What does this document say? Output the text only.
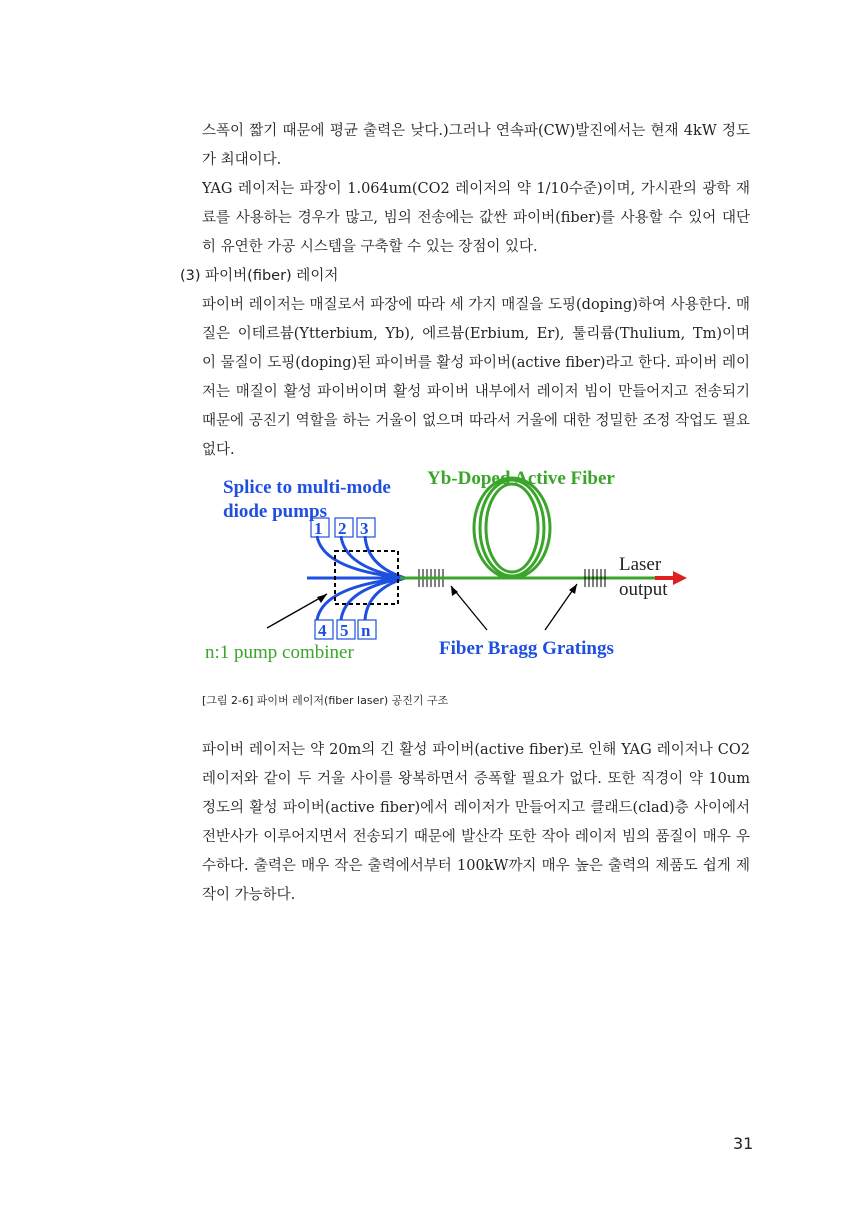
스폭이 짧기 때문에 평균 출력은 낮다.)그러나 연속파(CW)발진에서는 현재 4kW 정도가 최대이다.

YAG 레이저는 파장이 1.064um(CO2 레이저의 약 1/10수준)이며, 가시관의 광학 재료를 사용하는 경우가 많고, 빔의 전송에는 값싼 파이버(fiber)를 사용할 수 있어 대단히 유연한 가공 시스템을 구축할 수 있는 장점이 있다.

(3) 파이버(fiber) 레이저

파이버 레이저는 매질로서 파장에 따라 세 가지 매질을 도핑(doping)하여 사용한다. 매질은 이테르븀(Ytterbium, Yb), 에르븀(Erbium, Er), 툴리륨(Thulium, Tm)이며 이 물질이 도핑(doping)된 파이버를 활성 파이버(active fiber)라고 한다. 파이버 레이저는 매질이 활성 파이버이며 활성 파이버 내부에서 레이저 빔이 만들어지고 전송되기 때문에 공진기 역할을 하는 거울이 없으며 따라서 거울에 대한 정밀한 조정 작업도 필요없다.

1 2 3
4 5 n
Splice to multi-mode
diode pumps
Yb-Doped Active Fiber
Laser
output
n:1 pump combiner	Fiber Bragg Gratings
[그림 2-6] 파이버 레이저(fiber laser) 공진기 구조

파이버 레이저는 약 20m의 긴 활성 파이버(active fiber)로 인해 YAG 레이저나 CO2 레이저와 같이 두 거울 사이를 왕복하면서 증폭할 필요가 없다. 또한 직경이 약 10um 정도의 활성 파이버(active fiber)에서 레이저가 만들어지고 클래드(clad)층 사이에서 전반사가 이루어지면서 전송되기 때문에 발산각 또한 작아 레이저 빔의 품질이 매우 우수하다. 출력은 매우 작은 출력에서부터 100kW까지 매우 높은 출력의 제품도 쉽게 제작이 가능하다.

31
